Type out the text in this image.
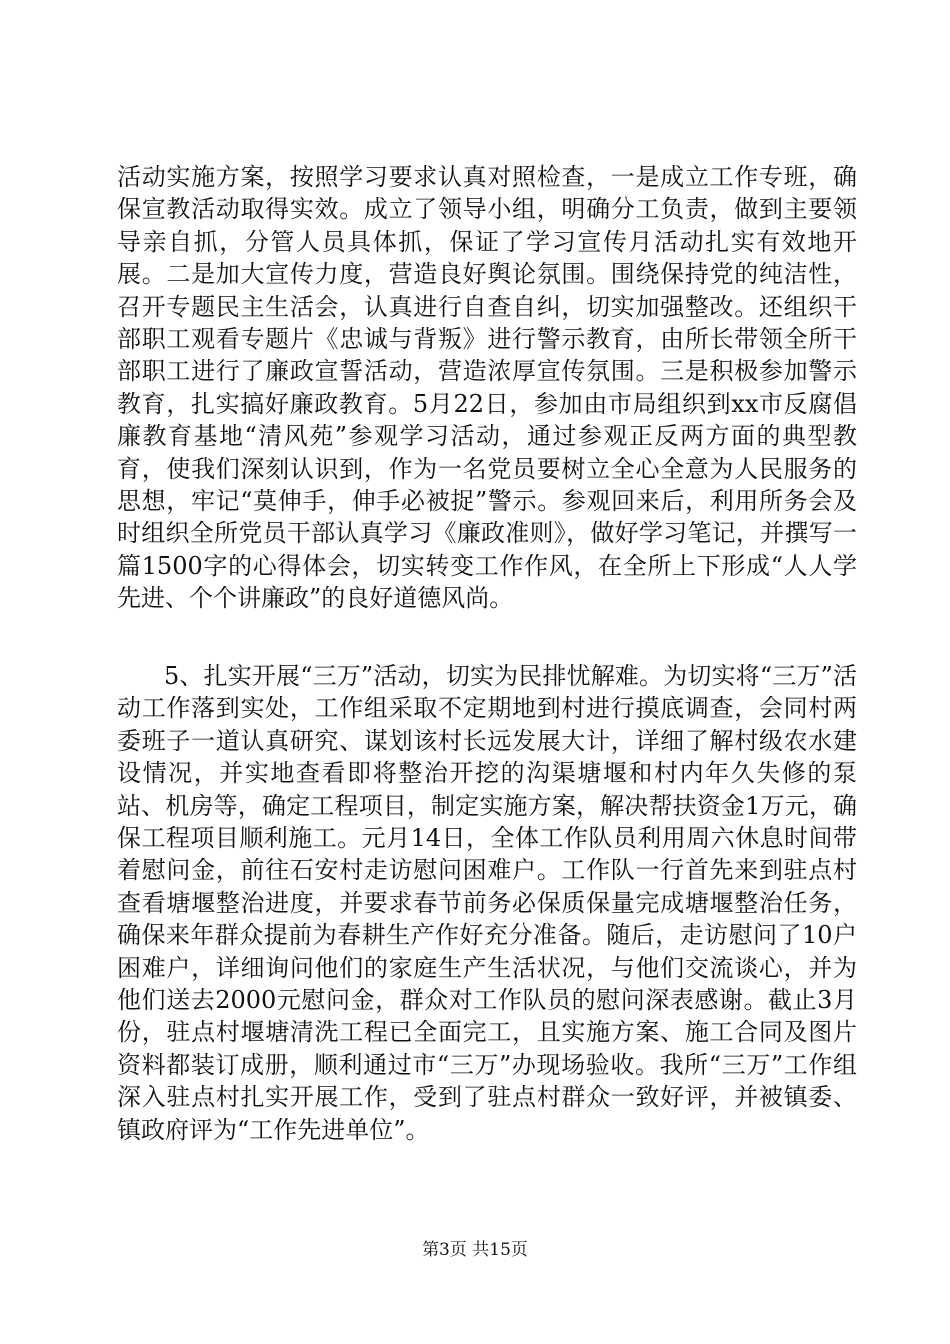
活动实施方案，按照学习要求认真对照检查，一是成立工作专班，确保宣教活动取得实效。成立了领导小组，明确分工负责，做到主要领导亲自抓，分管人员具体抓，保证了学习宣传月活动扎实有效地开展。二是加大宣传力度，营造良好舆论氛围。围绕保持党的纯洁性，召开专题民主生活会，认真进行自查自纠，切实加强整改。还组织干部职工观看专题片《忠诚与背叛》进行警示教育，由所长带领全所干部职工进行了廉政宣誓活动，营造浓厚宣传氛围。三是积极参加警示教育，扎实搞好廉政教育。5月22日，参加由市局组织到xx市反腐倡廉教育基地“清风苑”参观学习活动，通过参观正反两方面的典型教育，使我们深刻认识到，作为一名党员要树立全心全意为人民服务的思想，牢记“莫伸手，伸手必被捉”警示。参观回来后，利用所务会及时组织全所党员干部认真学习《廉政准则》，做好学习笔记，并撰写一篇1500字的心得体会，切实转变工作作风，在全所上下形成“人人学先进、个个讲廉政”的良好道德风尚。

5、扎实开展“三万”活动，切实为民排忧解难。为切实将“三万”活动工作落到实处，工作组采取不定期地到村进行摸底调查，会同村两委班子一道认真研究、谋划该村长远发展大计，详细了解村级农水建设情况，并实地查看即将整治开挖的沟渠塘堰和村内年久失修的泵站、机房等，确定工程项目，制定实施方案，解决帮扶资金1万元，确保工程项目顺利施工。元月14日，全体工作队员利用周六休息时间带着慰问金，前往石安村走访慰问困难户。工作队一行首先来到驻点村查看塘堰整治进度，并要求春节前务必保质保量完成塘堰整治任务，确保来年群众提前为春耕生产作好充分准备。随后，走访慰问了10户困难户，详细询问他们的家庭生产生活状况，与他们交流谈心，并为他们送去2000元慰问金，群众对工作队员的慰问深表感谢。截止3月份，驻点村堰塘清洗工程已全面完工，且实施方案、施工合同及图片资料都装订成册，顺利通过市“三万”办现场验收。我所“三万”工作组深入驻点村扎实开展工作，受到了驻点村群众一致好评，并被镇委、镇政府评为“工作先进单位”。

第3页 共15页
